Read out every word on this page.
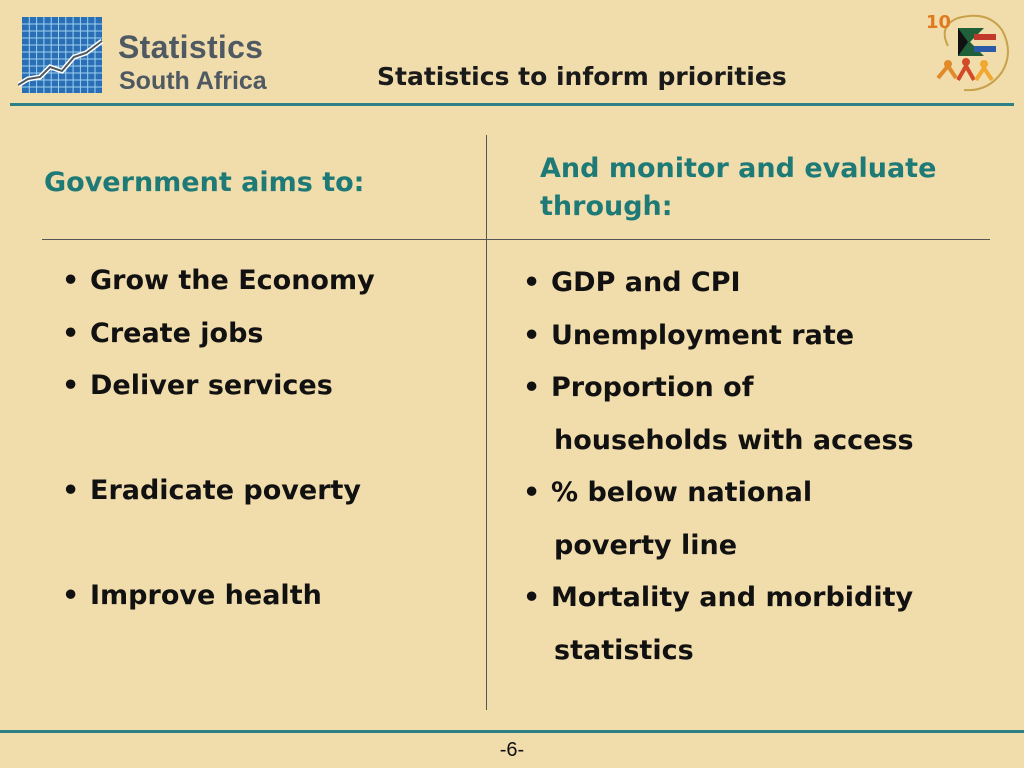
Statistics
South Africa	Statistics to inform priorities
10
Government aims to:	And monitor and evaluate
through:
• Grow the Economy
• Create jobs
• Deliver services
• Eradicate poverty
• Improve health
• GDP and CPI
• Unemployment rate
• Proportion of
households with access
• % below national
poverty line
• Mortality and morbidity
statistics
-6-
